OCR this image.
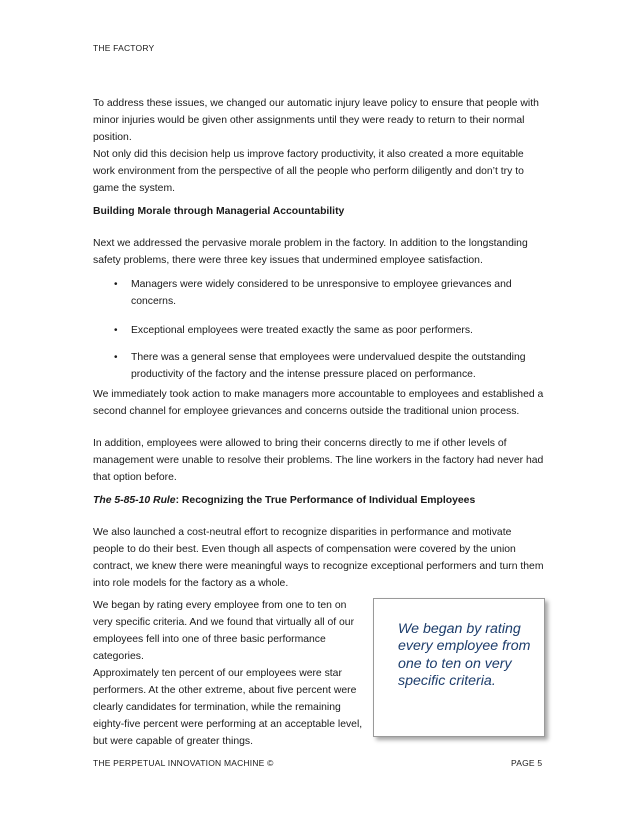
THE FACTORY

To address these issues, we changed our automatic injury leave policy to ensure that people with minor injuries would be given other assignments until they were ready to return to their normal position.

Not only did this decision help us improve factory productivity, it also created a more equitable work environment from the perspective of all the people who perform diligently and don’t try to game the system.

Building Morale through Managerial Accountability

Next we addressed the pervasive morale problem in the factory. In addition to the longstanding safety problems, there were three key issues that undermined employee satisfaction.

• Managers were widely considered to be unresponsive to employee grievances and concerns.
• Exceptional employees were treated exactly the same as poor performers.
• There was a general sense that employees were undervalued despite the outstanding productivity of the factory and the intense pressure placed on performance.

We immediately took action to make managers more accountable to employees and established a second channel for employee grievances and concerns outside the traditional union process.

In addition, employees were allowed to bring their concerns directly to me if other levels of management were unable to resolve their problems. The line workers in the factory had never had that option before.

The 5-85-10 Rule: Recognizing the True Performance of Individual Employees

We also launched a cost-neutral effort to recognize disparities in performance and motivate people to do their best. Even though all aspects of compensation were covered by the union contract, we knew there were meaningful ways to recognize exceptional performers and turn them into role models for the factory as a whole.

We began by rating every employee from one to ten on very specific criteria. And we found that virtually all of our employees fell into one of three basic performance categories.

Approximately ten percent of our employees were star performers. At the other extreme, about five percent were clearly candidates for termination, while the remaining eighty-five percent were performing at an acceptable level, but were capable of greater things.

We began by rating every employee from one to ten on very specific criteria.
THE PERPETUAL INNOVATION MACHINE ©	PAGE 5
